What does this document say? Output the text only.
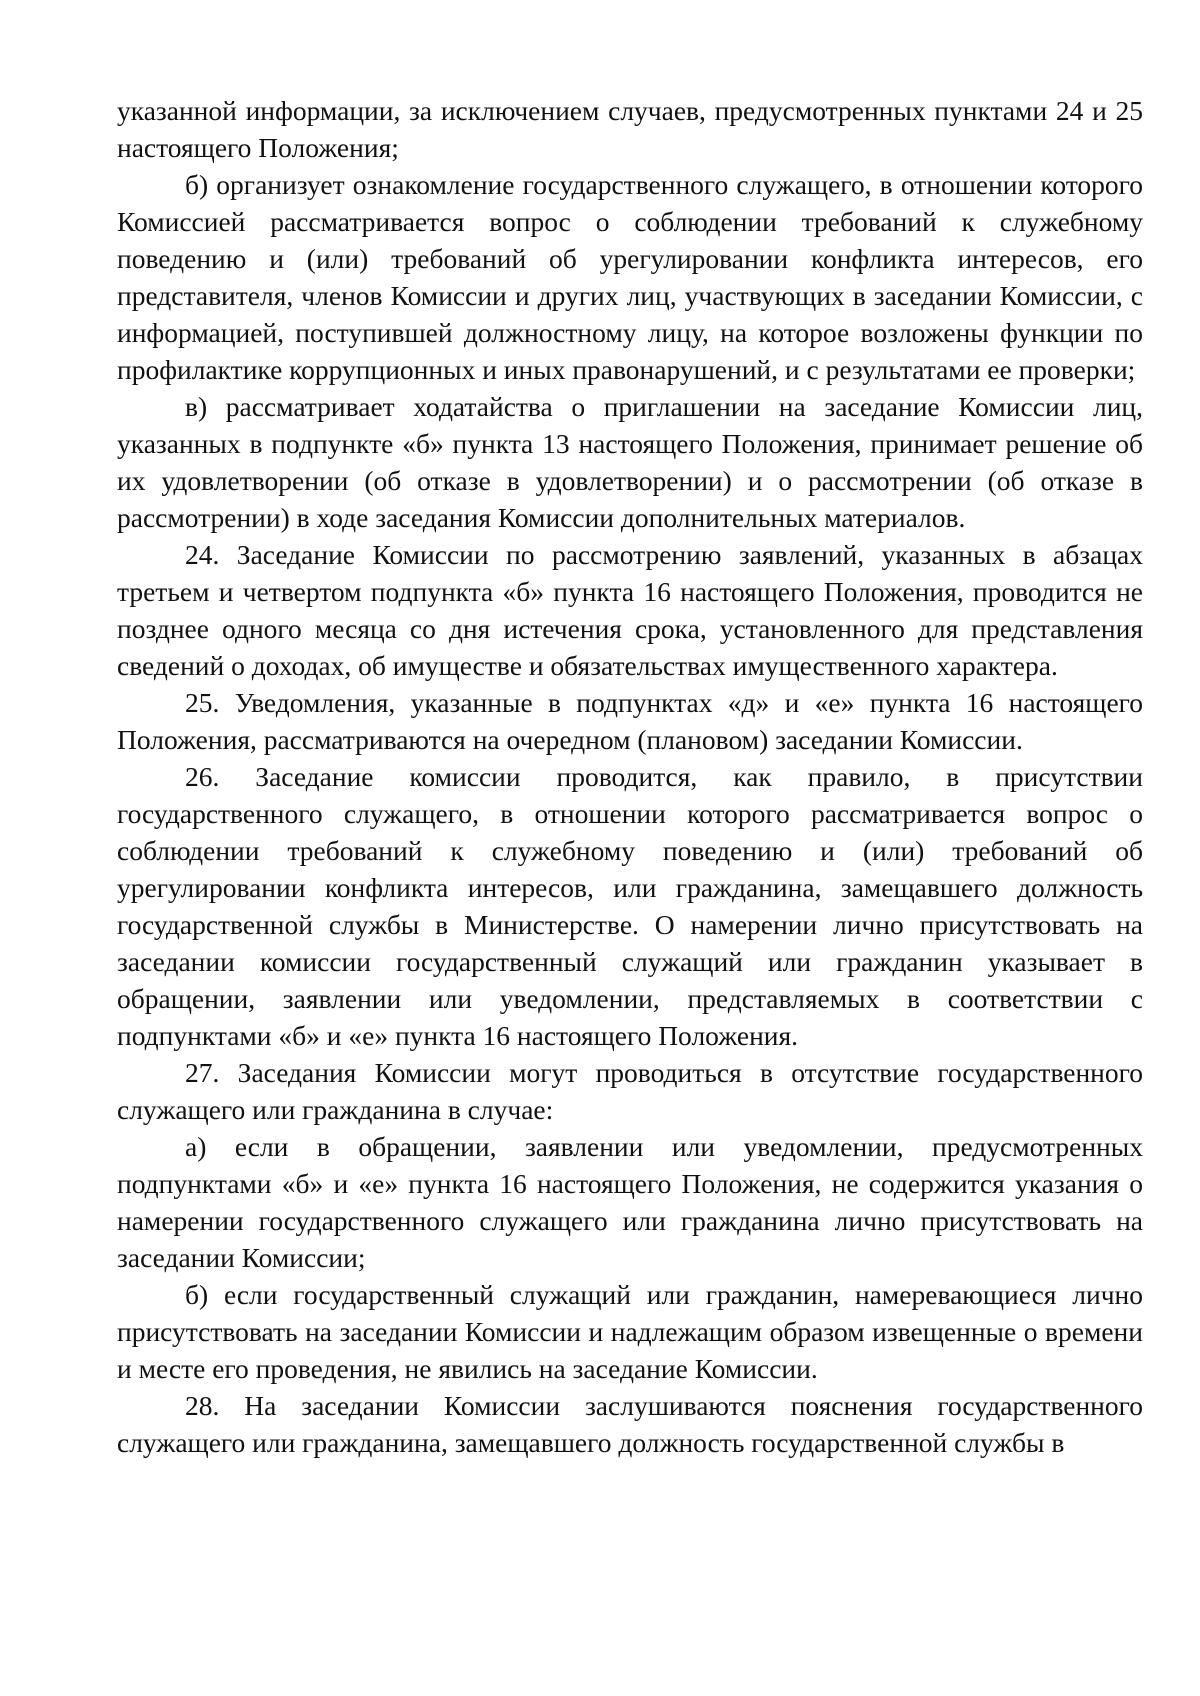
указанной информации, за исключением случаев, предусмотренных пунктами 24 и 25 настоящего Положения;

б) организует ознакомление государственного служащего, в отношении которого Комиссией рассматривается вопрос о соблюдении требований к служебному поведению и (или) требований об урегулировании конфликта интересов, его представителя, членов Комиссии и других лиц, участвующих в заседании Комиссии, с информацией, поступившей должностному лицу, на которое возложены функции по профилактике коррупционных и иных правонарушений, и с результатами ее проверки;

в) рассматривает ходатайства о приглашении на заседание Комиссии лиц, указанных в подпункте «б» пункта 13 настоящего Положения, принимает решение об их удовлетворении (об отказе в удовлетворении) и о рассмотрении (об отказе в рассмотрении) в ходе заседания Комиссии дополнительных материалов.

24. Заседание Комиссии по рассмотрению заявлений, указанных в абзацах третьем и четвертом подпункта «б» пункта 16 настоящего Положения, проводится не позднее одного месяца со дня истечения срока, установленного для представления сведений о доходах, об имуществе и обязательствах имущественного характера.

25. Уведомления, указанные в подпунктах «д» и «е» пункта 16 настоящего Положения, рассматриваются на очередном (плановом) заседании Комиссии.

26. Заседание комиссии проводится, как правило, в присутствии государственного служащего, в отношении которого рассматривается вопрос о соблюдении требований к служебному поведению и (или) требований об урегулировании конфликта интересов, или гражданина, замещавшего должность государственной службы в Министерстве. О намерении лично присутствовать на заседании комиссии государственный служащий или гражданин указывает в обращении, заявлении или уведомлении, представляемых в соответствии с подпунктами «б» и «е» пункта 16 настоящего Положения.

27. Заседания Комиссии могут проводиться в отсутствие государственного служащего или гражданина в случае:

а) если в обращении, заявлении или уведомлении, предусмотренных подпунктами «б» и «е» пункта 16 настоящего Положения, не содержится указания о намерении государственного служащего или гражданина лично присутствовать на заседании Комиссии;

б) если государственный служащий или гражданин, намеревающиеся лично присутствовать на заседании Комиссии и надлежащим образом извещенные о времени и месте его проведения, не явились на заседание Комиссии.

28. На заседании Комиссии заслушиваются пояснения государственного служащего или гражданина, замещавшего должность государственной службы в
